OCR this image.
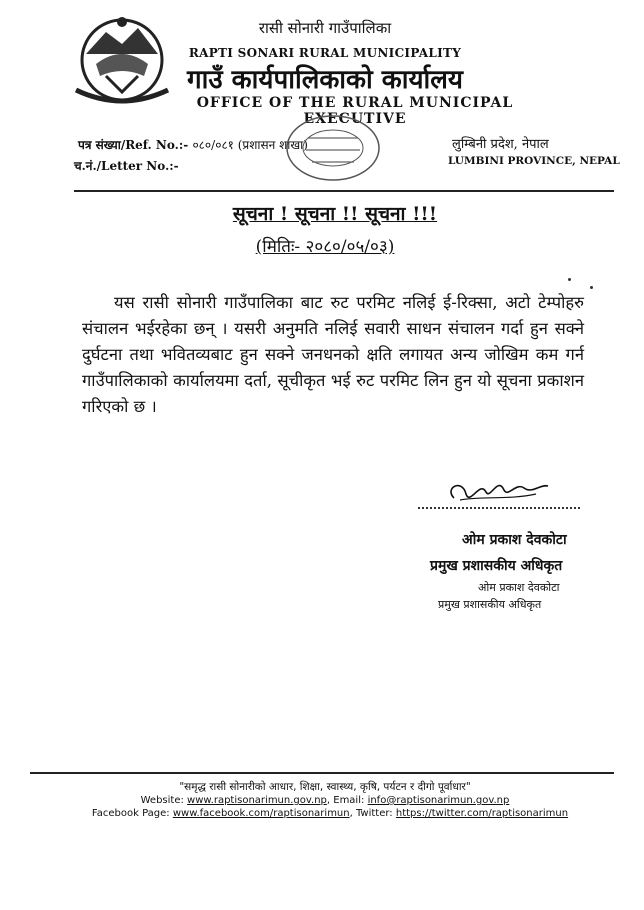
रासी सोनारी गाउँपालिका
RAPTI SONARI RURAL MUNICIPALITY
गाउँ कार्यपालिकाको कार्यालय
OFFICE OF THE RURAL MUNICIPAL EXECUTIVE
पत्र संख्या/Ref. No.:- ०८०/०८१ (प्रशासन शाखा)
च.नं./Letter No.:-
लुम्बिनी प्रदेश, नेपाल
LUMBINI PROVINCE, NEPAL
सूचना ! सूचना !! सूचना !!!
(मितिः- २०८०/०५/०३)
यस रासी सोनारी गाउँपालिका बाट रुट परमिट नलिई ई-रिक्सा, अटो टेम्पोहरु संचालन भईरहेका छन् । यसरी अनुमति नलिई सवारी साधन संचालन गर्दा हुन सक्ने दुर्घटना तथा भवितव्यबाट हुन सक्ने जनधनको क्षति लगायत अन्य जोखिम कम गर्न गाउँपालिकाको कार्यालयमा दर्ता, सूचीकृत भई रुट परमिट लिन हुन यो सूचना प्रकाशन गरिएको छ ।
ओम प्रकाश देवकोटा
प्रमुख प्रशासकीय अधिकृत
ओम प्रकाश देवकोटा
प्रमुख प्रशासकीय अधिकृत
"समृद्ध रासी सोनारीको आधार, शिक्षा, स्वास्थ्य, कृषि, पर्यटन र दीगो पूर्वाधार"
Website: www.raptisonarimun.gov.np, Email: info@raptisonarimun.gov.np
Facebook Page: www.facebook.com/raptisonarimun, Twitter: https://twitter.com/raptisonarimun
